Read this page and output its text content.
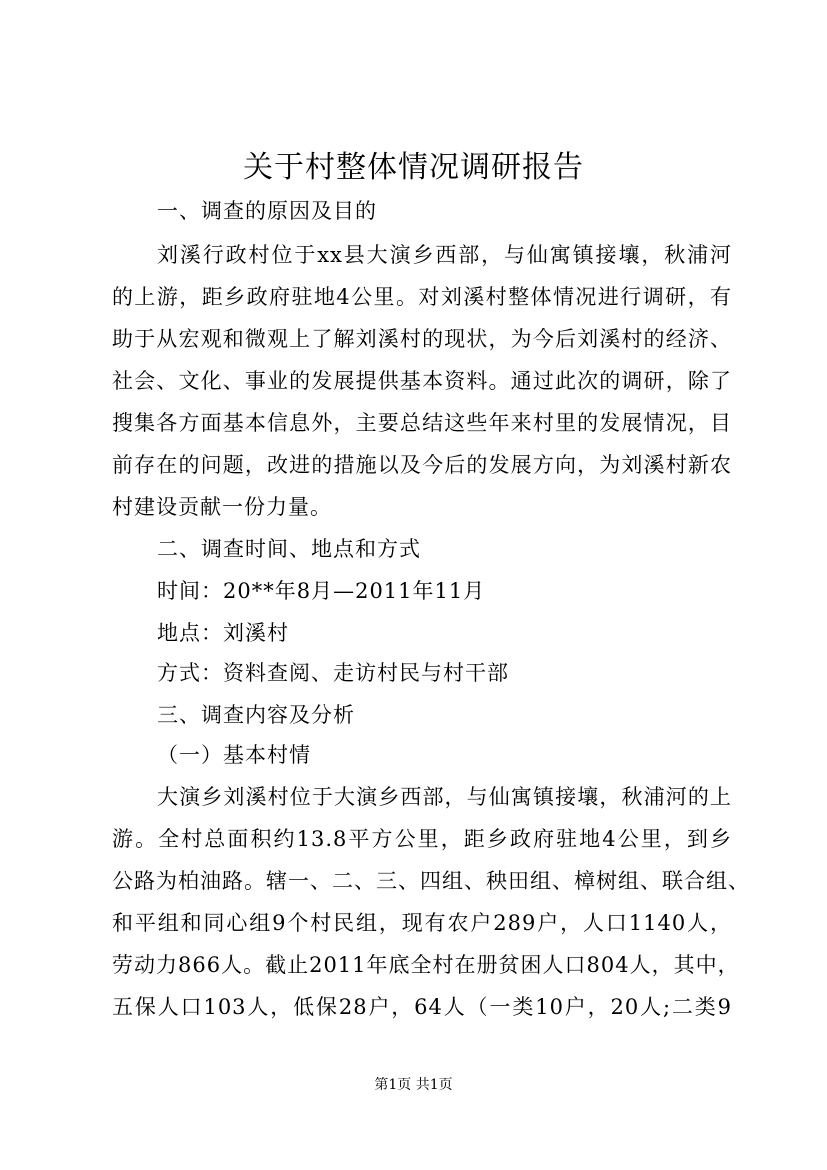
关于村整体情况调研报告
一、调查的原因及目的
刘溪行政村位于xx县大演乡西部，与仙寓镇接壤，秋浦河
的上游，距乡政府驻地4公里。对刘溪村整体情况进行调研，有
助于从宏观和微观上了解刘溪村的现状，为今后刘溪村的经济、
社会、文化、事业的发展提供基本资料。通过此次的调研，除了
搜集各方面基本信息外，主要总结这些年来村里的发展情况，目
前存在的问题，改进的措施以及今后的发展方向，为刘溪村新农
村建设贡献一份力量。
二、调查时间、地点和方式
时间：20**年8月—2011年11月
地点：刘溪村
方式：资料查阅、走访村民与村干部
三、调查内容及分析
（一）基本村情
大演乡刘溪村位于大演乡西部，与仙寓镇接壤，秋浦河的上
游。全村总面积约13.8平方公里，距乡政府驻地4公里，到乡
公路为柏油路。辖一、二、三、四组、秧田组、樟树组、联合组、
和平组和同心组9个村民组，现有农户289户，人口1140人，
劳动力866人。截止2011年底全村在册贫困人口804人，其中，
五保人口103人，低保28户，64人（一类10户，20人;二类9
第1页 共1页
